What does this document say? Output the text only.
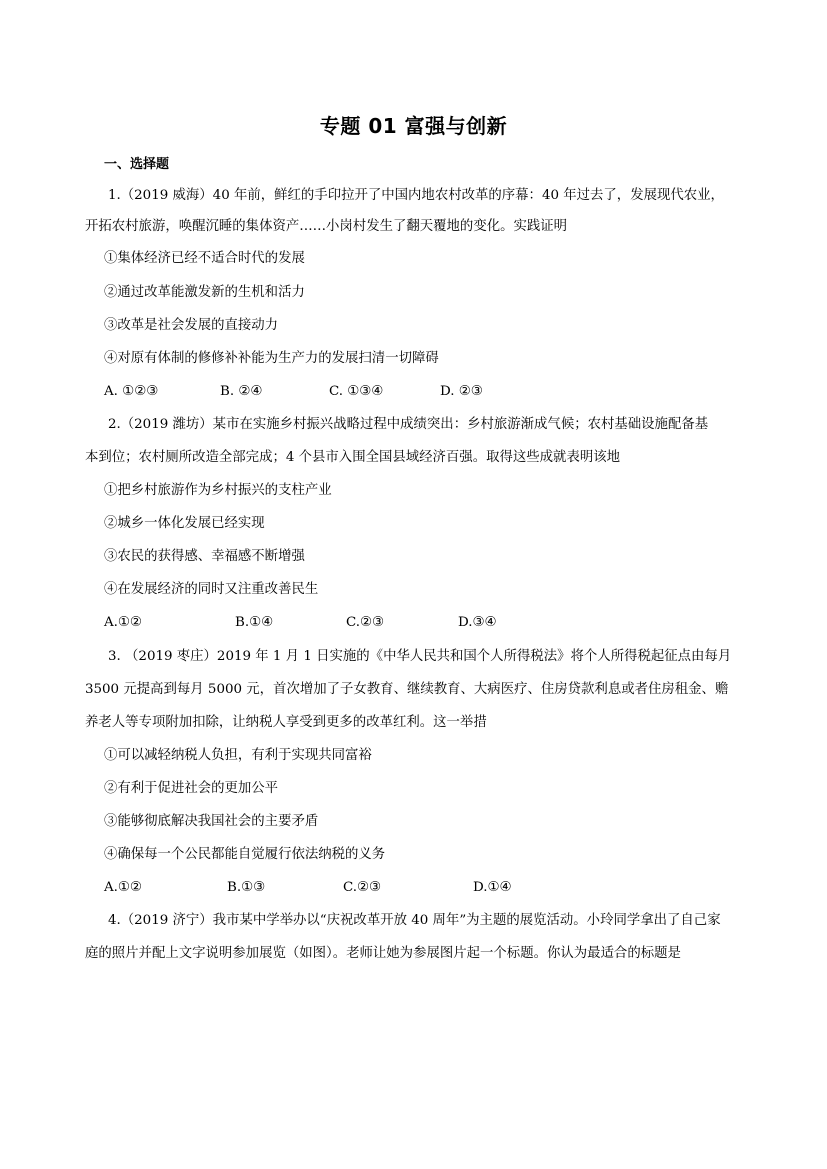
专题 01 富强与创新
一、选择题
1.（2019 威海）40 年前，鲜红的手印拉开了中国内地农村改革的序幕：40 年过去了，发展现代农业，
开拓农村旅游，唤醒沉睡的集体资产……小岗村发生了翻天覆地的变化。实践证明
①集体经济已经不适合时代的发展
②通过改革能激发新的生机和活力
③改革是社会发展的直接动力
④对原有体制的修修补补能为生产力的发展扫清一切障碍
A. ①②③	B. ②④	C. ①③④	D. ②③
2.（2019 潍坊）某市在实施乡村振兴战略过程中成绩突出：乡村旅游渐成气候；农村基础设施配备基
本到位；农村厕所改造全部完成；4 个县市入围全国县域经济百强。取得这些成就表明该地
①把乡村旅游作为乡村振兴的支柱产业
②城乡一体化发展已经实现
③农民的获得感、幸福感不断增强
④在发展经济的同时又注重改善民生
A.①②	B.①④	C.②③	D.③④
3. （2019 枣庄）2019 年 1 月 1 日实施的《中华人民共和国个人所得税法》将个人所得税起征点由每月
3500 元提高到每月 5000 元，首次增加了子女教育、继续教育、大病医疗、住房贷款利息或者住房租金、赡
养老人等专项附加扣除，让纳税人享受到更多的改革红利。这一举措
①可以减轻纳税人负担，有利于实现共同富裕
②有利于促进社会的更加公平
③能够彻底解决我国社会的主要矛盾
④确保每一个公民都能自觉履行依法纳税的义务
A.①②	B.①③	C.②③	D.①④
4.（2019 济宁）我市某中学举办以“庆祝改革开放 40 周年”为主题的展览活动。小玲同学拿出了自己家
庭的照片并配上文字说明参加展览（如图）。老师让她为参展图片起一个标题。你认为最适合的标题是
